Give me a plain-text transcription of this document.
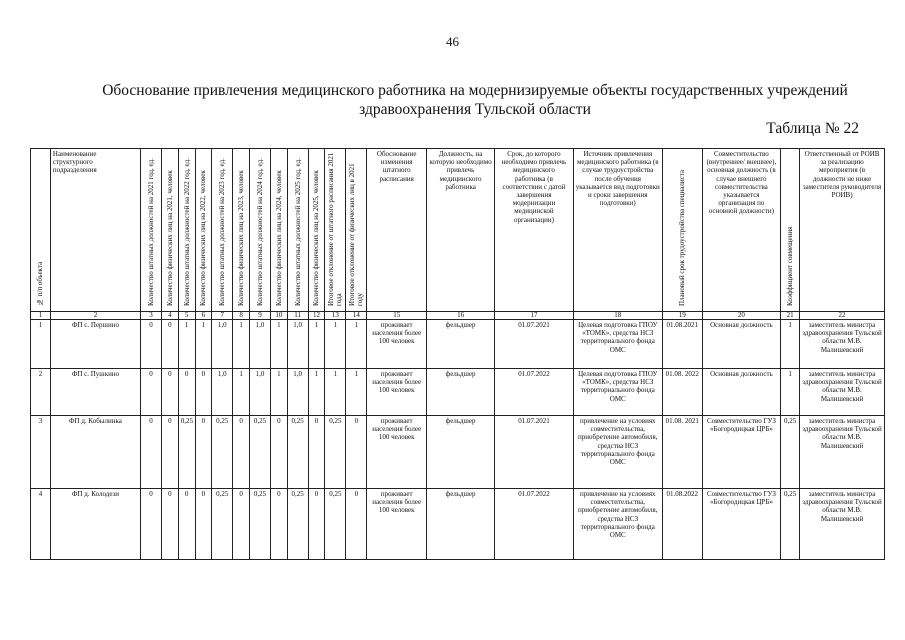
46
Обоснование привлечения медицинского работника на модернизируемые объекты государственных учреждений
здравоохранения Тульской области
Таблица № 22
№ п/п объекта	Наименование структурного подразделения	Количество штатных должностей на 2021 год, ед.	Количество физических лиц на 2021, человек	Количество штатных должностей на 2022 год, ед.	Количество физических лиц на 2022, человек	Количество штатных должностей на 2023 год, ед.	Количество физических лиц на 2023, человек	Количество штатных должностей на 2024 год, ед.	Количество физических лиц на 2024, человек	Количество штатных должностей на 2025 год, ед.	Количество физических лиц на 2025, человек	Итоговое отклонение от штатного расписания 2021 года	Итоговое отклонение от физических лиц в 2021 году	Обоснование изменения штатного расписания	Должность, на которую необходимо привлечь медицинского работника	Срок, до которого необходимо привлечь медицинского работника (в соответствии с датой завершения модернизации медицинской организации)	Источник привлечения медицинского работника (в случае трудоустройства после обучения указывается вид подготовки и сроки завершения подготовки)	Плановый срок трудоустройства специалиста	Совместительство (внутреннее/ внешнее), основная должность (в случае внешнего совместительства указывается организация по основной должности)	Коэффициент совмещения	Ответственный от РОИВ за реализацию мероприятия (в должности не ниже заместителя руководителя РОИВ)
1	2	3	4	5	6	7	8	9	10	11	12	13	14	15	16	17	18	19	20	21	22
1	ФП с. Першино	0	0	1	1	1,0	1	1,0	1	1,0	1	1	1	проживает населения более 100 человек	фельдшер	01.07.2021	Целевая подготовка ГПОУ «ТОМК», средства НСЗ территориального фонда ОМС	01.08.2021	Основная должность	1	заместитель министра здравоохранения Тульской области М.В. Малишевский
2	ФП с. Пушкино	0	0	0	0	1,0	1	1,0	1	1,0	1	1	1	проживает населения более 100 человек	фельдшер	01.07.2022	Целевая подготовка ГПОУ «ТОМК», средства НСЗ территориального фонда ОМС	01.08. 2022	Основная должность	1	заместитель министра здравоохранения Тульской области М.В. Малишевский
3	ФП д. Кобылинка	0	0	0,25	0	0,25	0	0,25	0	0,25	0	0,25	0	проживает населения более 100 человек	фельдшер	01.07.2021	привлечение на условиях совместительства, приобретение автомобиля, средства НСЗ территориального фонда ОМС	01.08. 2021	Совместительство ГУЗ «Богородицкая ЦРБ»	0,25	заместитель министра здравоохранения Тульской области М.В. Малишевский
4	ФП д. Колодези	0	0	0	0	0,25	0	0,25	0	0,25	0	0,25	0	проживает населения более 100 человек	фельдшер	01.07.2022	привлечение на условиях совместительства, приобретение автомобиля, средства НСЗ территориального фонда ОМС	01.08.2022	Совместительство ГУЗ «Богородицкая ЦРБ»	0,25	заместитель министра здравоохранения Тульской области М.В. Малишевский
